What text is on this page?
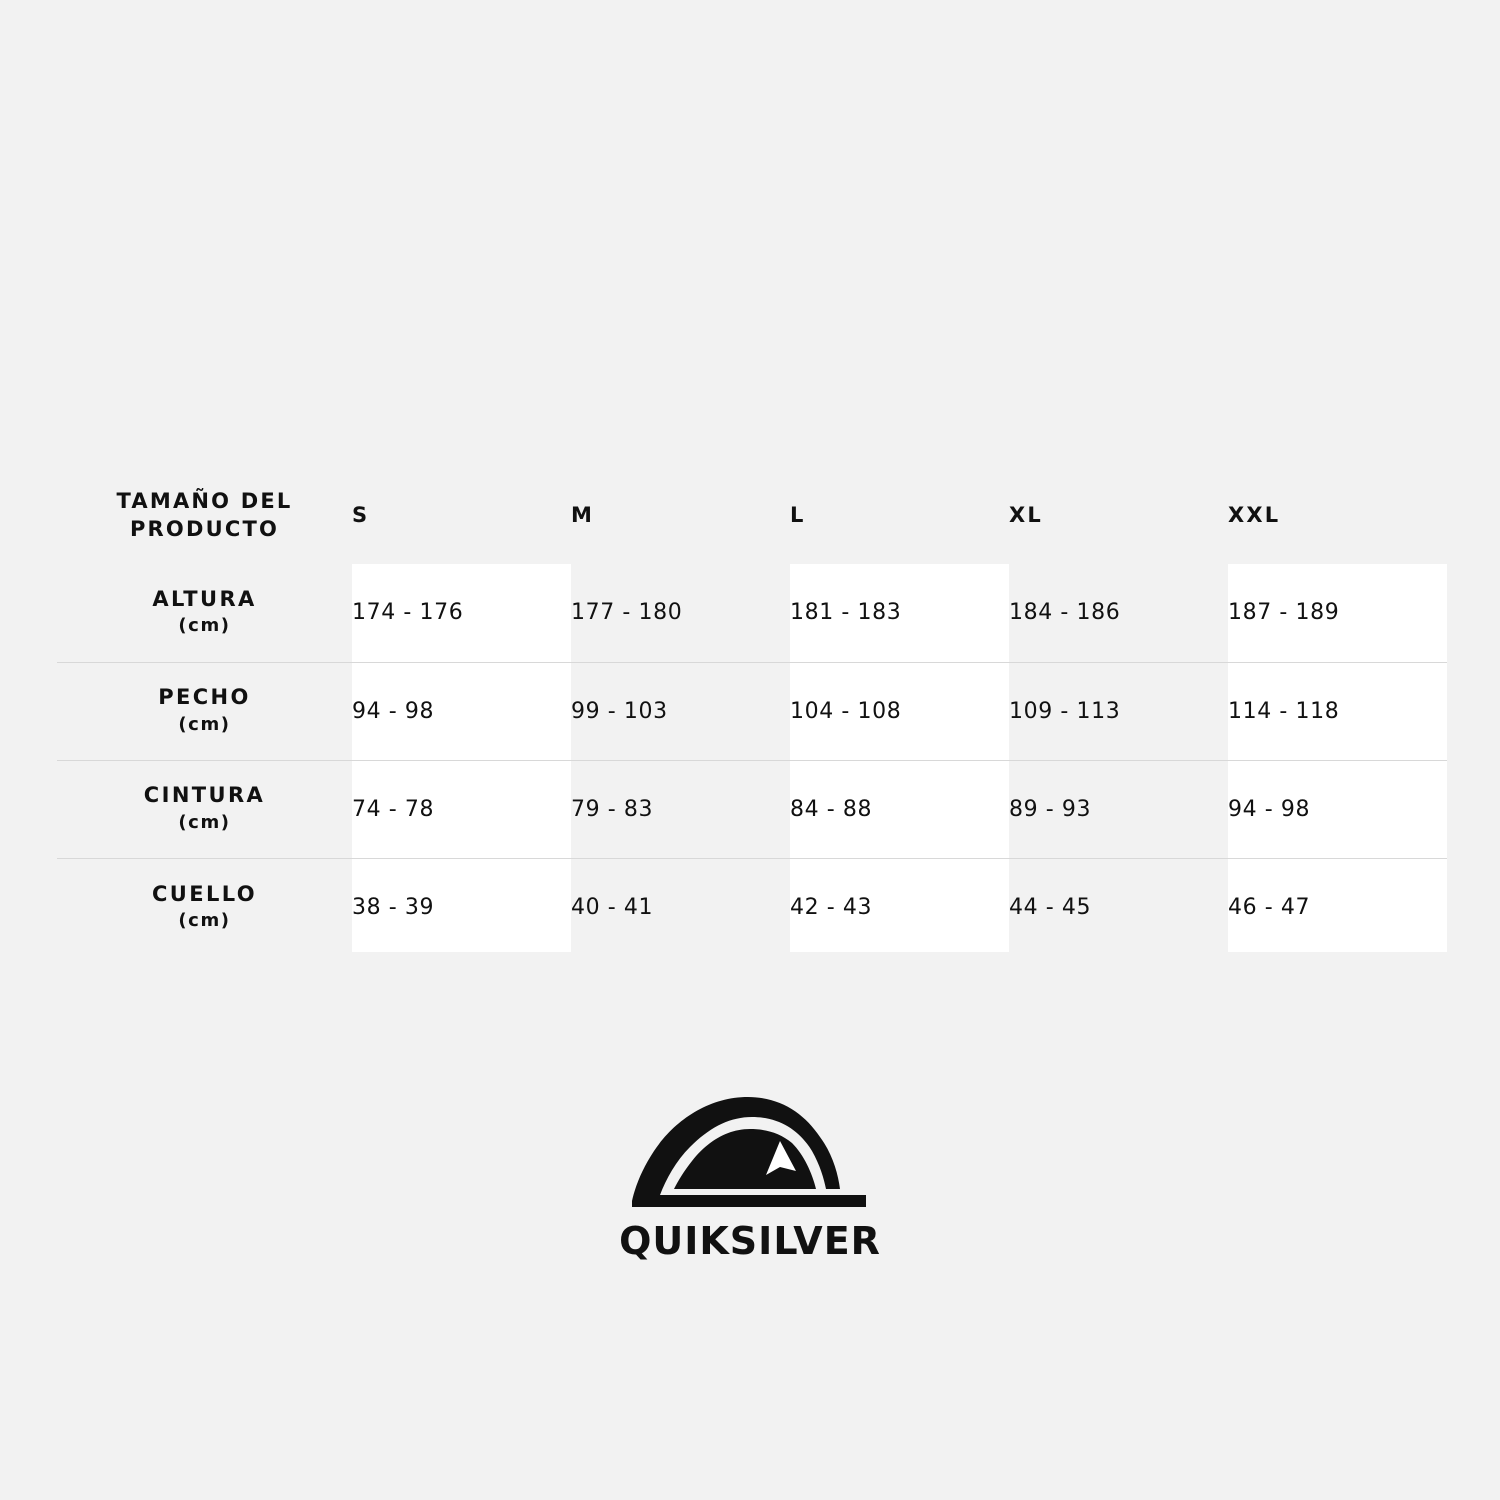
TAMAÑO DEL PRODUCTO	S	M	L	XL	XXL

ALTURA
(cm)	174 - 176	177 - 180	181 - 183	184 - 186	187 - 189

PECHO
(cm)	94 - 98	99 - 103	104 - 108	109 - 113	114 - 118

CINTURA
(cm)	74 - 78	79 - 83	84 - 88	89 - 93	94 - 98

CUELLO
(cm)	38 - 39	40 - 41	42 - 43	44 - 45	46 - 47
QUIKSILVER
